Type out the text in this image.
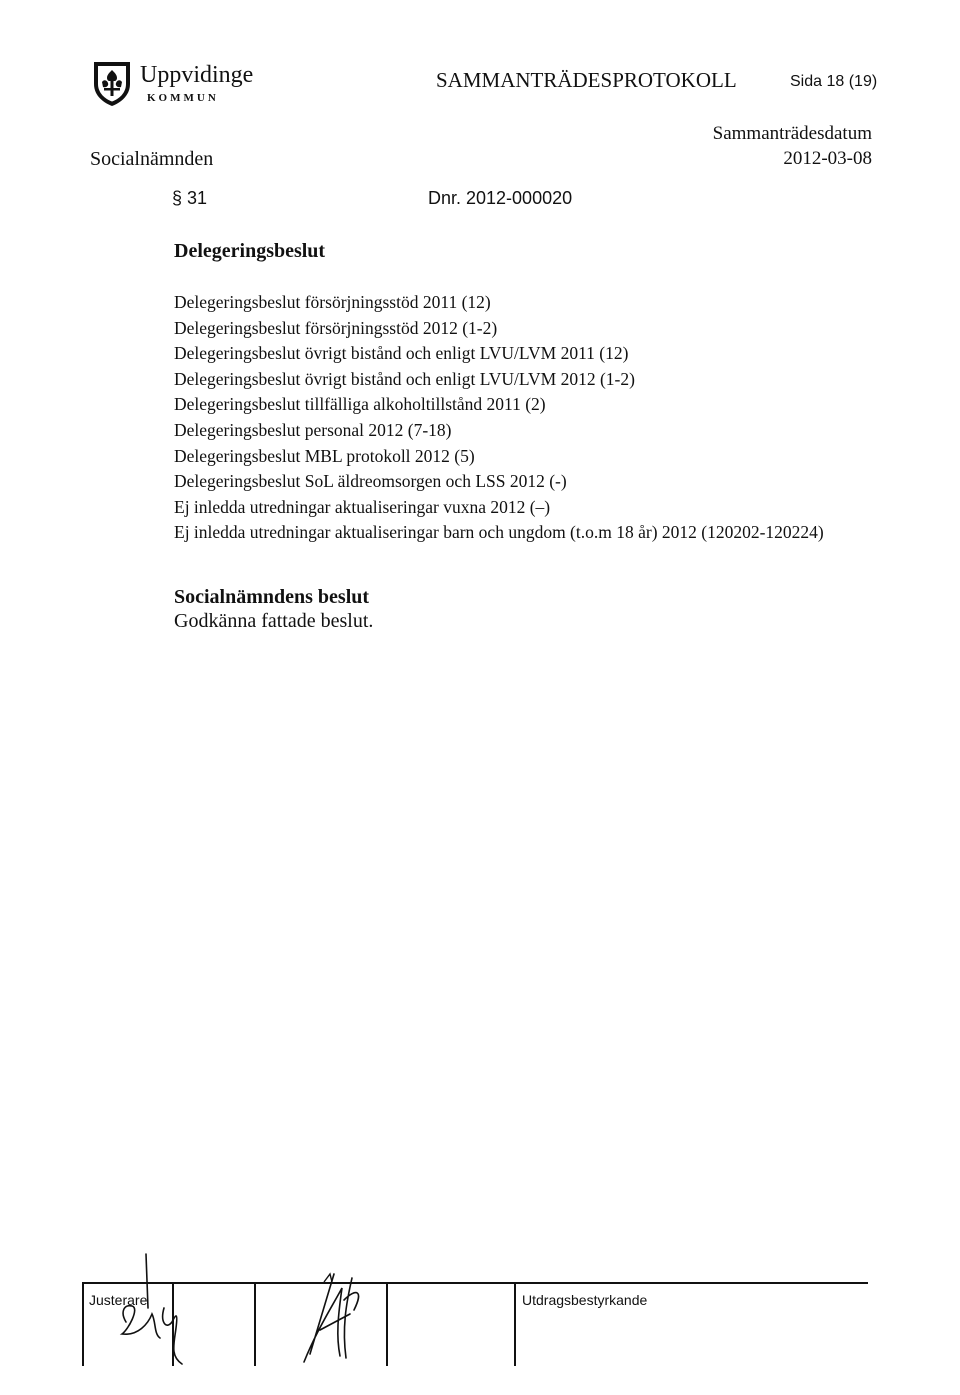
Uppvidinge
KOMMUN
SAMMANTRÄDESPROTOKOLL	Sida 18 (19)
Socialnämnden
Sammanträdesdatum
2012-03-08
§ 31	Dnr. 2012-000020
Delegeringsbeslut
Delegeringsbeslut försörjningsstöd 2011 (12)
Delegeringsbeslut försörjningsstöd 2012 (1-2)
Delegeringsbeslut övrigt bistånd och enligt LVU/LVM 2011 (12)
Delegeringsbeslut övrigt bistånd och enligt LVU/LVM 2012 (1-2)
Delegeringsbeslut tillfälliga alkoholtillstånd 2011 (2)
Delegeringsbeslut personal 2012 (7-18)
Delegeringsbeslut MBL protokoll 2012 (5)
Delegeringsbeslut SoL äldreomsorgen och LSS 2012 (-)
Ej inledda utredningar aktualiseringar vuxna 2012 (–)
Ej inledda utredningar aktualiseringar barn och ungdom (t.o.m 18 år) 2012 (120202-120224)
Socialnämndens beslut
Godkänna fattade beslut.
Justerare	Utdragsbestyrkande
